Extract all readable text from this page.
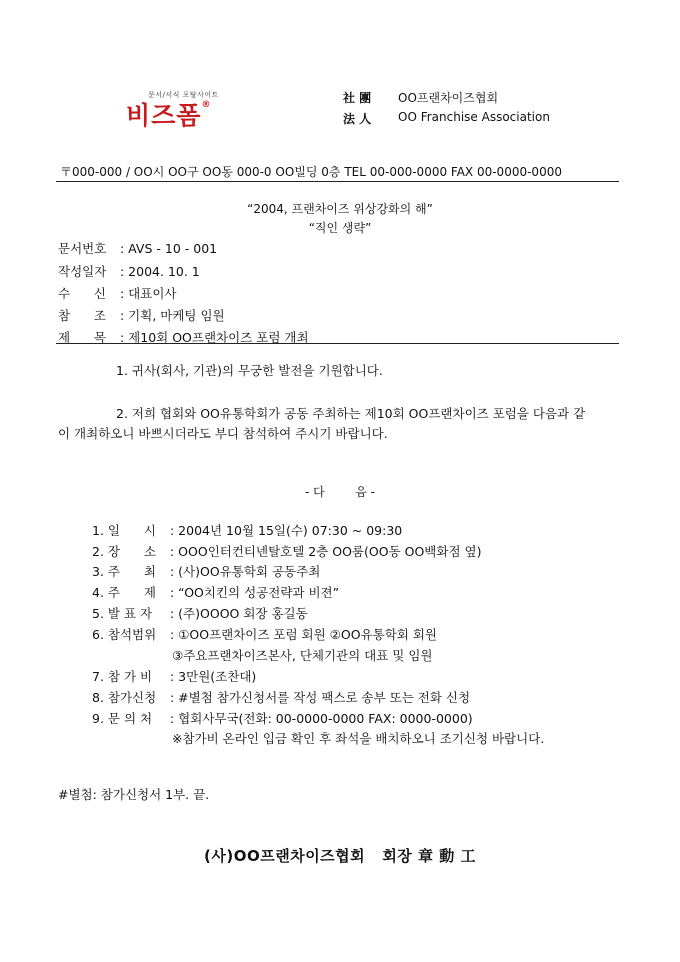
문서/서식 포탈사이트
비즈폼®	社 團 OO프랜차이즈협회
法 人 OO Franchise Association
〒000-000 / OO시 OO구 OO동 000-0 OO빌딩 0층 TEL 00-000-0000 FAX 00-0000-0000
“2004, 프랜차이즈 위상강화의 해”
“직인 생략”
문서번호 : AVS - 10 - 001
작성일자 : 2004. 10. 1
수      신 : 대표이사
참      조 : 기획, 마케팅 임원
제      목 : 제10회 OO프랜차이즈 포럼 개최
1. 귀사(회사, 기관)의 무궁한 발전을 기원합니다.
2. 저희 협회와 OO유통학회가 공동 주최하는 제10회 OO프랜차이즈 포럼을 다음과 같
이 개최하오니 바쁘시더라도 부디 참석하여 주시기 바랍니다.
- 다        음 -
1. 일      시 : 2004년 10월 15일(수) 07:30 ~ 09:30
2. 장      소 : OOO인터컨티넨탈호텔 2층 OO룸(OO동 OO백화점 옆)
3. 주      최 : (사)OO유통학회 공동주최
4. 주      제 : “OO치킨의 성공전략과 비젼”
5. 발 표 자 : (주)OOOO 회장 홍길동
6. 참석범위 : ①OO프랜차이즈 포럼 회원 ②OO유통학회 회원
③주요프랜차이즈본사, 단체기관의 대표 및 임원
7. 참 가 비 : 3만원(조찬대)
8. 참가신청 : #별첨 참가신청서를 작성 팩스로 송부 또는 전화 신청
9. 문 의 처 : 협회사무국(전화: 00-0000-0000 FAX: 0000-0000)
※참가비 온라인 입금 확인 후 좌석을 배치하오니 조기신청 바랍니다.
#별첨: 참가신청서 1부. 끝.
(사)OO프랜차이즈협회   회장 章 動 工
